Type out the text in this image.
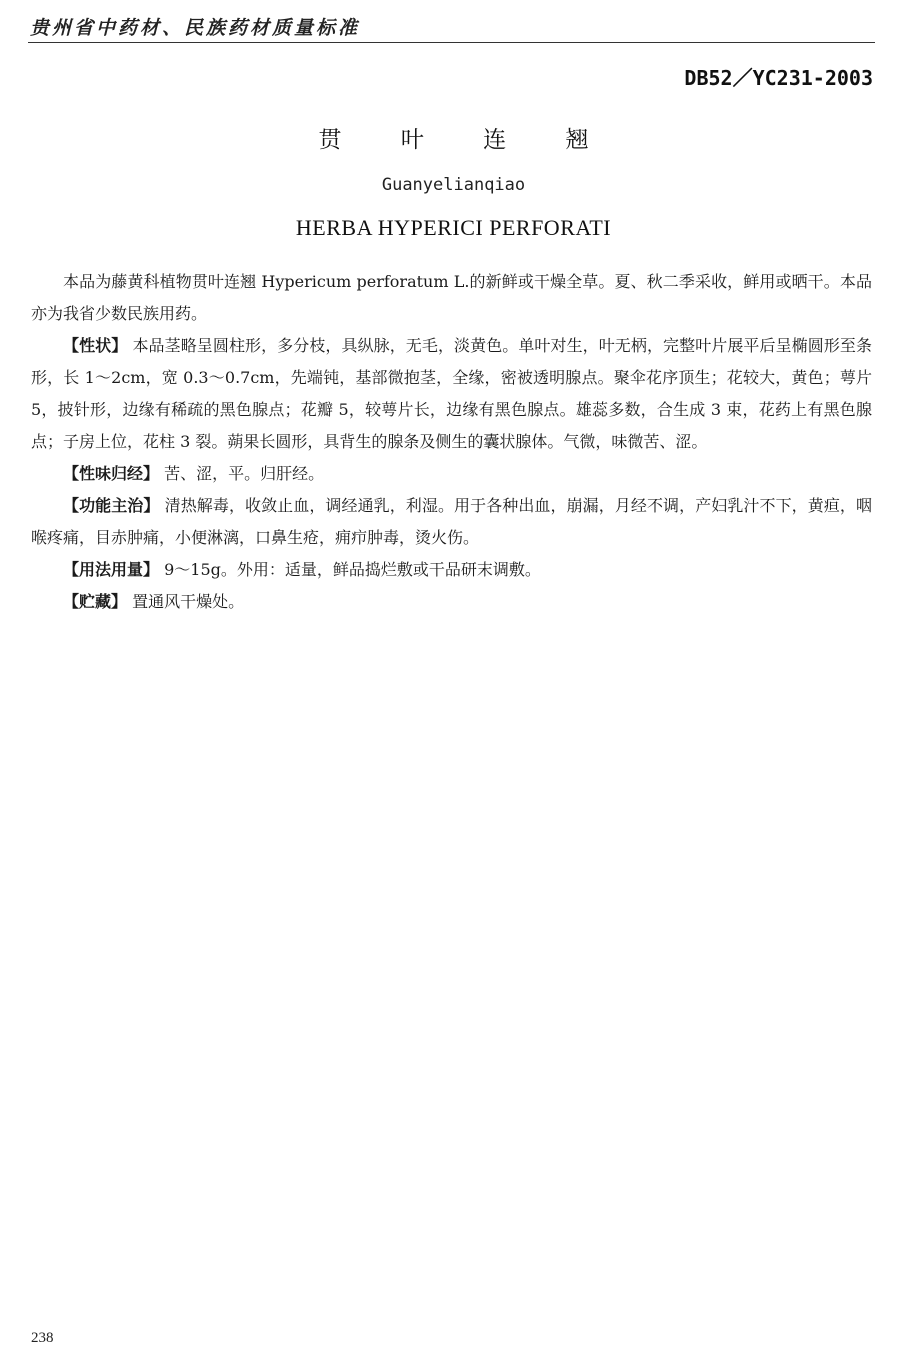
贵州省中药材、民族药材质量标准
DB52／YC231-2003
贯 叶 连 翘
Guanyelianqiao
HERBA HYPERICI PERFORATI

本品为藤黄科植物贯叶连翘 Hypericum perforatum L.的新鲜或干燥全草。夏、秋二季采收，鲜用或晒干。本品亦为我省少数民族用药。

【性状】 本品茎略呈圆柱形，多分枝，具纵脉，无毛，淡黄色。单叶对生，叶无柄，完整叶片展平后呈椭圆形至条形，长 1～2cm，宽 0.3～0.7cm，先端钝，基部微抱茎，全缘，密被透明腺点。聚伞花序顶生；花较大，黄色；萼片 5，披针形，边缘有稀疏的黑色腺点；花瓣 5，较萼片长，边缘有黑色腺点。雄蕊多数，合生成 3 束，花药上有黑色腺点；子房上位，花柱 3 裂。蒴果长圆形，具背生的腺条及侧生的囊状腺体。气微，味微苦、涩。

【性味归经】 苦、涩，平。归肝经。

【功能主治】 清热解毒，收敛止血，调经通乳，利湿。用于各种出血，崩漏，月经不调，产妇乳汁不下，黄疸，咽喉疼痛，目赤肿痛，小便淋漓，口鼻生疮，痈疖肿毒，烫火伤。

【用法用量】 9～15g。外用：适量，鲜品捣烂敷或干品研末调敷。

【贮藏】 置通风干燥处。

238
